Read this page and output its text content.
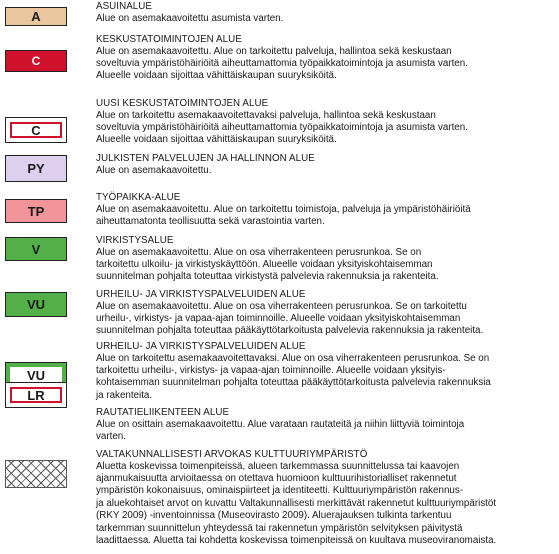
A
C
C
PY
TP
V
VU
VU
LR
ASUINALUE
Alue on asemakaavoitettu asumista varten.
KESKUSTATOIMINTOJEN ALUE
Alue on asemakaavoitettu. Alue on tarkoitettu palveluja, hallintoa sekä keskustaan
soveltuvia ympäristöhäiriöitä aiheuttamattomia työpaikkatoimintoja ja asumista varten.
Alueelle voidaan sijoittaa vähittäiskaupan suuryksiköitä.
UUSI KESKUSTATOIMINTOJEN ALUE
Alue on tarkoitettu asemakaavoitettavaksi palveluja, hallintoa sekä keskustaan
soveltuvia ympäristöhäiriöitä aiheuttamattomia työpaikkatoimintoja ja asumista varten.
Alueelle voidaan sijoittaa vähittäiskaupan suuryksiköitä.
JULKISTEN PALVELUJEN JA HALLINNON ALUE
Alue on asemakaavoitettu.
TYÖPAIKKA-ALUE
Alue on asemakaavoitettu. Alue on tarkoitettu toimistoja, palveluja ja ympäristöhäiriöitä
aiheuttamatonta teollisuutta sekä varastointia varten.
VIRKISTYSALUE
Alue on asemakaavoitettu. Alue on osa viherrakenteen perusrunkoa. Se on
tarkoitettu ulkoilu- ja virkistyskäyttöön. Alueelle voidaan yksityiskohtaisemman
suunnitelman pohjalta toteuttaa virkistystä palvelevia rakennuksia ja rakenteita.
URHEILU- JA VIRKISTYSPALVELUIDEN ALUE
Alue on asemakaavoitettu. Alue on osa viherrakenteen perusrunkoa. Se on tarkoitettu
urheilu-, virkistys- ja vapaa-ajan toiminnoille. Alueelle voidaan yksityiskohtaisemman
suunnitelman pohjalta toteuttaa pääkäyttötarkoitusta palvelevia rakennuksia ja rakenteita.
URHEILU- JA VIRKISTYSPALVELUIDEN ALUE
Alue on tarkoitettu asemakaavoitettavaksi. Alue on osa viherrakenteen perusrunkoa. Se on
tarkoitettu urheilu-, virkistys- ja vapaa-ajan toiminnoille. Alueelle voidaan yksityis-
kohtaisemman suunnitelman pohjalta toteuttaa pääkäyttötarkoitusta palvelevia rakennuksia
ja rakenteita.
RAUTATIELIIKENTEEN ALUE
Alue on osittain asemakaavoitettu. Alue varataan rautateitä ja niihin liittyviä toimintoja
varten.
VALTAKUNNALLISESTI ARVOKAS KULTTUURIYMPÄRISTÖ
Aluetta koskevissa toimenpiteissä, alueen tarkemmassa suunnittelussa tai kaavojen
ajanmukaisuutta arvioitaessa on otettava huomioon kulttuurihistorialliset rakennetut
ympäristön kokonaisuus, ominaispiirteet ja identiteetti. Kulttuuriympäristön rakennus-
ja aluekohtaiset arvot on kuvattu Valtakunnallisesti merkittävät rakennetut kulttuuriympäristöt
(RKY 2009) -inventoinnissa (Museovirasto 2009). Aluerajauksen tulkinta tarkentuu
tarkemman suunnittelun yhteydessä tai rakennetun ympäristön selvityksen päivitystä
laadittaessa. Aluetta tai kohdetta koskevissa toimenpiteissä on kuultava museoviranomaista.
